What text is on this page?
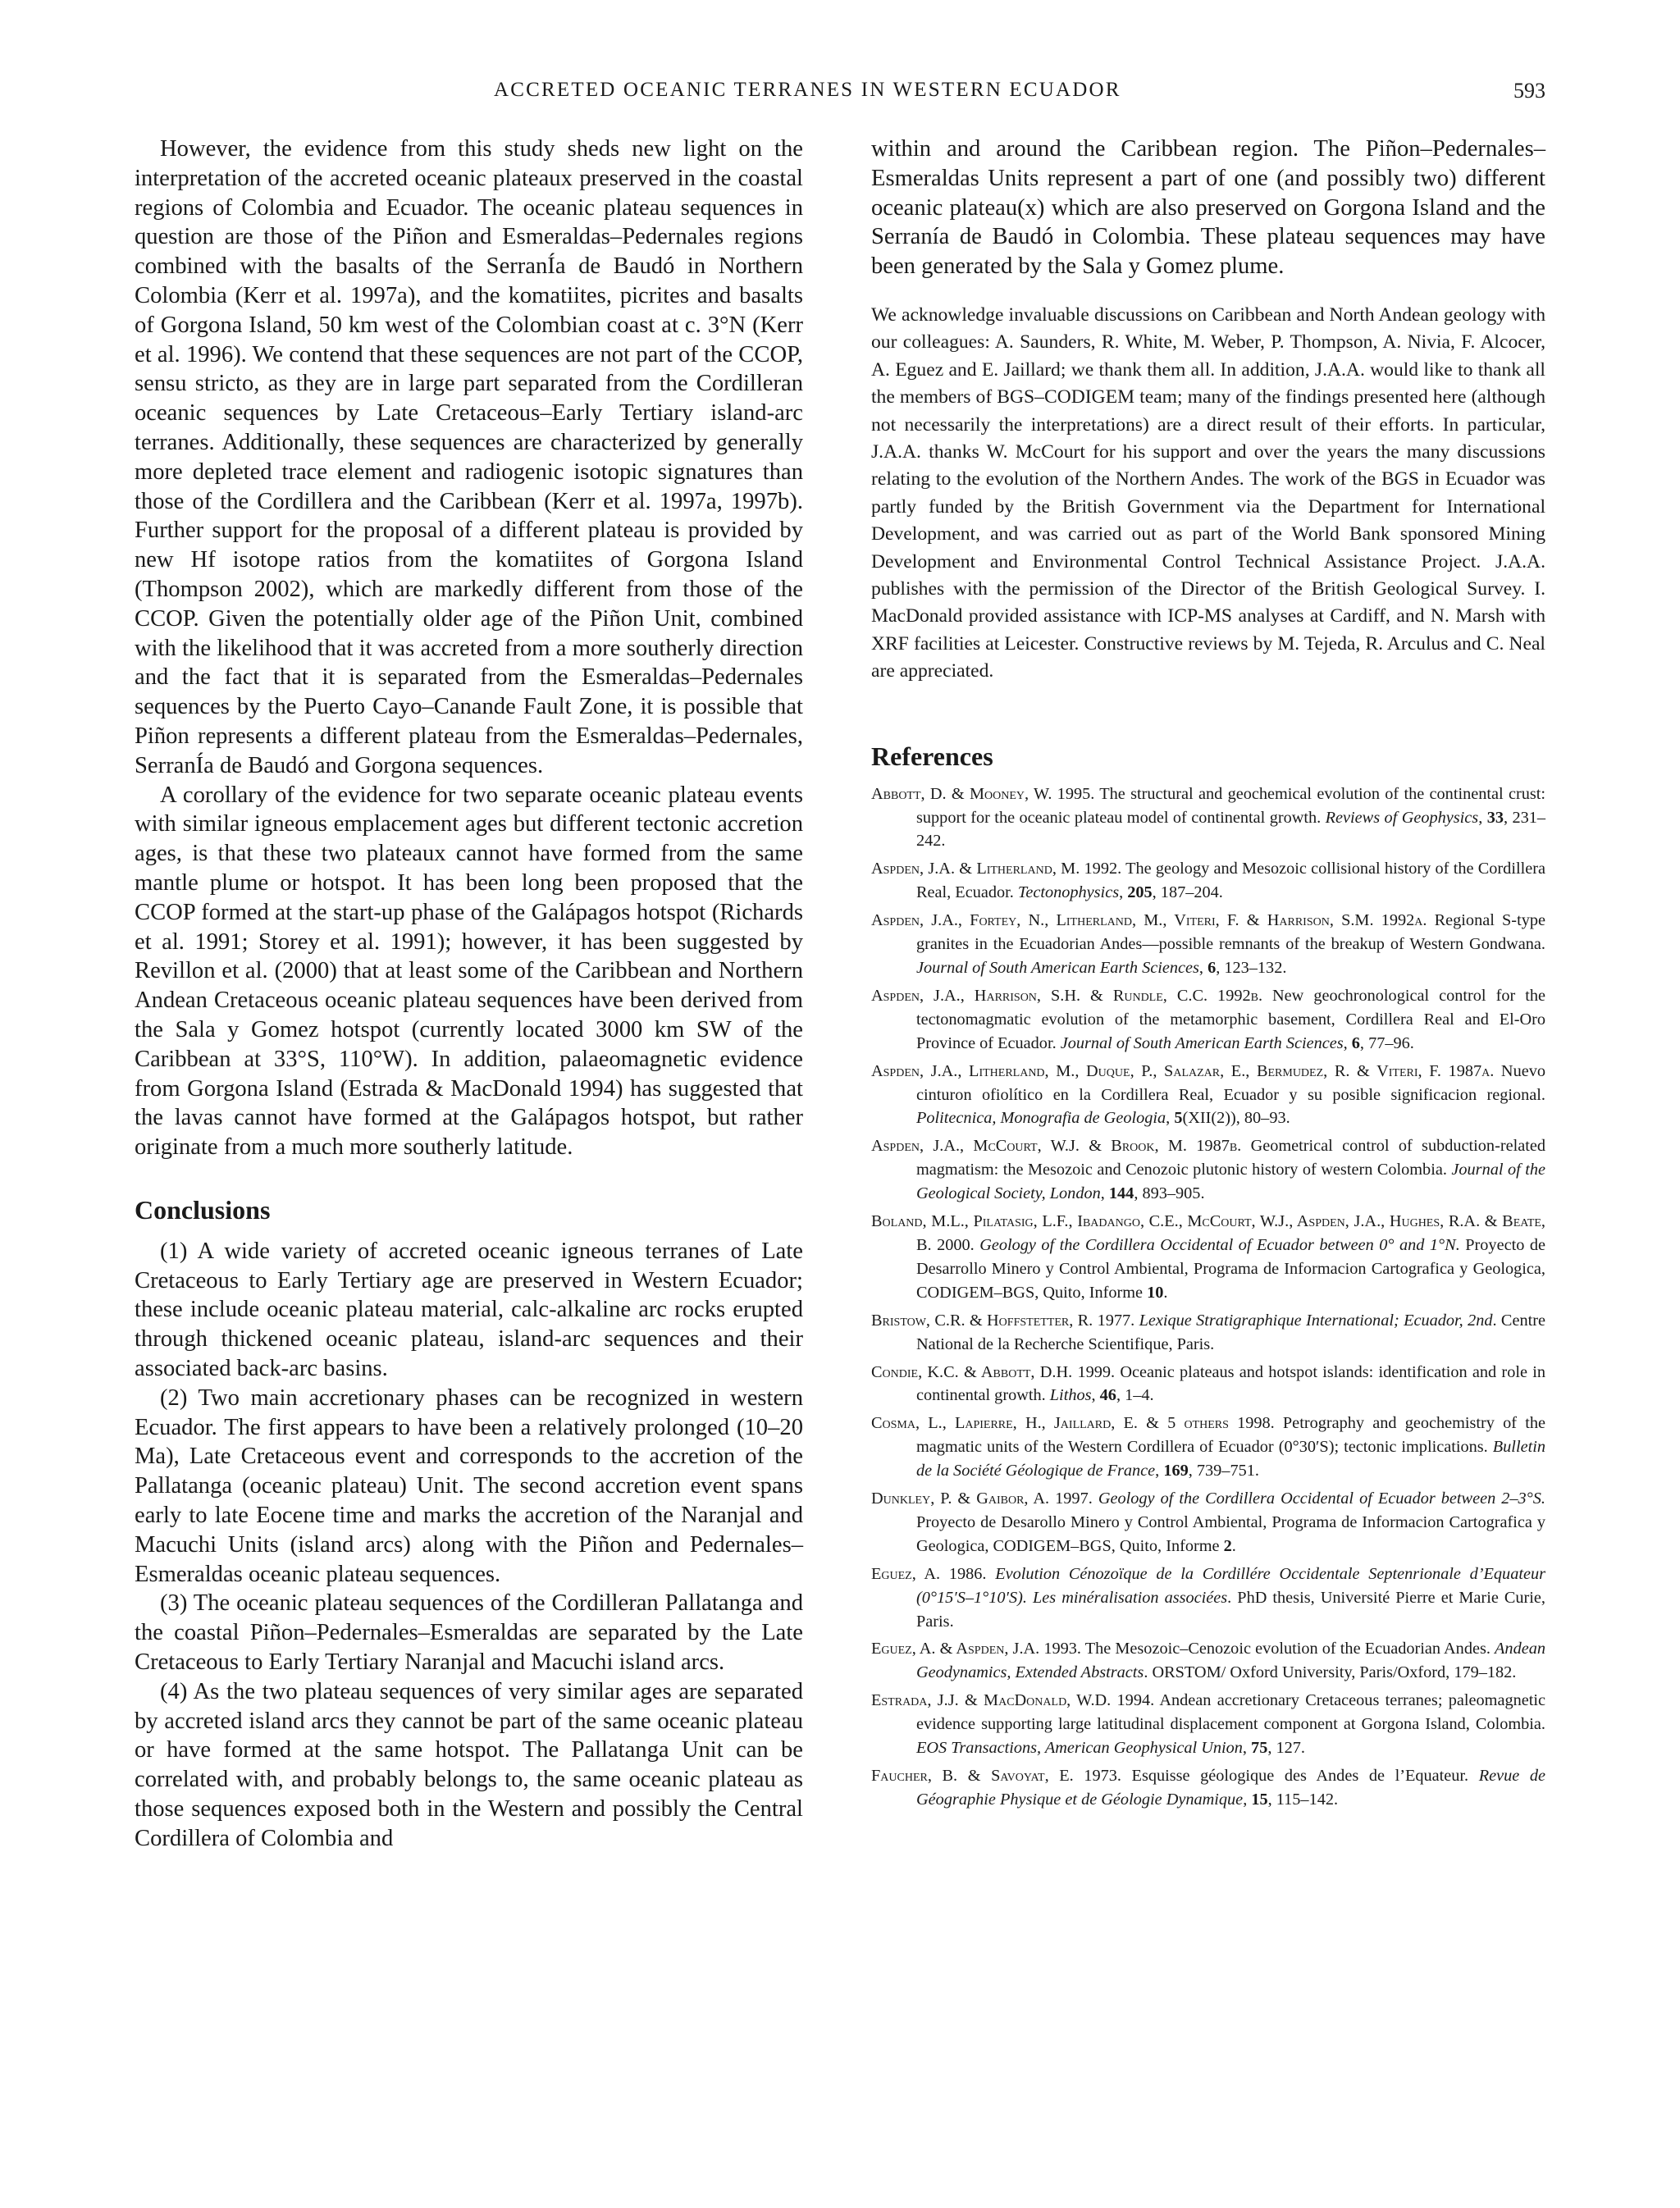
ACCRETED OCEANIC TERRANES IN WESTERN ECUADOR	593

However, the evidence from this study sheds new light on the interpretation of the accreted oceanic plateaux preserved in the coastal regions of Colombia and Ecuador. The oceanic plateau sequences in question are those of the Piñon and Esmeraldas–Pedernales regions combined with the basalts of the SerranÍa de Baudó in Northern Colombia (Kerr et al. 1997a), and the komatiites, picrites and basalts of Gorgona Island, 50 km west of the Colombian coast at c. 3°N (Kerr et al. 1996). We contend that these sequences are not part of the CCOP, sensu stricto, as they are in large part separated from the Cordilleran oceanic sequences by Late Cretaceous–Early Tertiary island-arc terranes. Additionally, these sequences are characterized by generally more depleted trace element and radiogenic isotopic signatures than those of the Cordillera and the Caribbean (Kerr et al. 1997a, 1997b). Further support for the proposal of a different plateau is provided by new Hf isotope ratios from the komatiites of Gorgona Island (Thompson 2002), which are markedly different from those of the CCOP. Given the potentially older age of the Piñon Unit, combined with the likelihood that it was accreted from a more southerly direction and the fact that it is separated from the Esmeraldas–Pedernales sequences by the Puerto Cayo–Canande Fault Zone, it is possible that Piñon represents a different plateau from the Esmeraldas–Pedernales, SerranÍa de Baudó and Gorgona sequences.

A corollary of the evidence for two separate oceanic plateau events with similar igneous emplacement ages but different tectonic accretion ages, is that these two plateaux cannot have formed from the same mantle plume or hotspot. It has been long been proposed that the CCOP formed at the start-up phase of the Galápagos hotspot (Richards et al. 1991; Storey et al. 1991); however, it has been suggested by Revillon et al. (2000) that at least some of the Caribbean and Northern Andean Cretaceous oceanic plateau sequences have been derived from the Sala y Gomez hotspot (currently located 3000 km SW of the Caribbean at 33°S, 110°W). In addition, palaeomagnetic evidence from Gorgona Island (Estrada & MacDonald 1994) has suggested that the lavas cannot have formed at the Galápagos hotspot, but rather originate from a much more southerly latitude.

Conclusions

(1) A wide variety of accreted oceanic igneous terranes of Late Cretaceous to Early Tertiary age are preserved in Western Ecuador; these include oceanic plateau material, calc-alkaline arc rocks erupted through thickened oceanic plateau, island-arc sequences and their associated back-arc basins.

(2) Two main accretionary phases can be recognized in western Ecuador. The first appears to have been a relatively prolonged (10–20 Ma), Late Cretaceous event and corresponds to the accretion of the Pallatanga (oceanic plateau) Unit. The second accretion event spans early to late Eocene time and marks the accretion of the Naranjal and Macuchi Units (island arcs) along with the Piñon and Pedernales–Esmeraldas oceanic plateau sequences.

(3) The oceanic plateau sequences of the Cordilleran Pallatanga and the coastal Piñon–Pedernales–Esmeraldas are separated by the Late Cretaceous to Early Tertiary Naranjal and Macuchi island arcs.

(4) As the two plateau sequences of very similar ages are separated by accreted island arcs they cannot be part of the same oceanic plateau or have formed at the same hotspot. The Pallatanga Unit can be correlated with, and probably belongs to, the same oceanic plateau as those sequences exposed both in the Western and possibly the Central Cordillera of Colombia and

within and around the Caribbean region. The Piñon–Pedernales–Esmeraldas Units represent a part of one (and possibly two) different oceanic plateau(x) which are also preserved on Gorgona Island and the Serranía de Baudó in Colombia. These plateau sequences may have been generated by the Sala y Gomez plume.

We acknowledge invaluable discussions on Caribbean and North Andean geology with our colleagues: A. Saunders, R. White, M. Weber, P. Thompson, A. Nivia, F. Alcocer, A. Eguez and E. Jaillard; we thank them all. In addition, J.A.A. would like to thank all the members of BGS–CODIGEM team; many of the findings presented here (although not necessarily the interpretations) are a direct result of their efforts. In particular, J.A.A. thanks W. McCourt for his support and over the years the many discussions relating to the evolution of the Northern Andes. The work of the BGS in Ecuador was partly funded by the British Government via the Department for International Development, and was carried out as part of the World Bank sponsored Mining Development and Environmental Control Technical Assistance Project. J.A.A. publishes with the permission of the Director of the British Geological Survey. I. MacDonald provided assistance with ICP-MS analyses at Cardiff, and N. Marsh with XRF facilities at Leicester. Constructive reviews by M. Tejeda, R. Arculus and C. Neal are appreciated.

References

Abbott, D. & Mooney, W. 1995. The structural and geochemical evolution of the continental crust: support for the oceanic plateau model of continental growth. Reviews of Geophysics, 33, 231–242.

Aspden, J.A. & Litherland, M. 1992. The geology and Mesozoic collisional history of the Cordillera Real, Ecuador. Tectonophysics, 205, 187–204.

Aspden, J.A., Fortey, N., Litherland, M., Viteri, F. & Harrison, S.M. 1992a. Regional S-type granites in the Ecuadorian Andes—possible remnants of the breakup of Western Gondwana. Journal of South American Earth Sciences, 6, 123–132.

Aspden, J.A., Harrison, S.H. & Rundle, C.C. 1992b. New geochronological control for the tectonomagmatic evolution of the metamorphic basement, Cordillera Real and El-Oro Province of Ecuador. Journal of South American Earth Sciences, 6, 77–96.

Aspden, J.A., Litherland, M., Duque, P., Salazar, E., Bermudez, R. & Viteri, F. 1987a. Nuevo cinturon ofiolítico en la Cordillera Real, Ecuador y su posible significacion regional. Politecnica, Monografia de Geologia, 5(XII(2)), 80–93.

Aspden, J.A., McCourt, W.J. & Brook, M. 1987b. Geometrical control of subduction-related magmatism: the Mesozoic and Cenozoic plutonic history of western Colombia. Journal of the Geological Society, London, 144, 893–905.

Boland, M.L., Pilatasig, L.F., Ibadango, C.E., McCourt, W.J., Aspden, J.A., Hughes, R.A. & Beate, B. 2000. Geology of the Cordillera Occidental of Ecuador between 0° and 1°N. Proyecto de Desarrollo Minero y Control Ambiental, Programa de Informacion Cartografica y Geologica, CODIGEM–BGS, Quito, Informe 10.

Bristow, C.R. & Hoffstetter, R. 1977. Lexique Stratigraphique International; Ecuador, 2nd. Centre National de la Recherche Scientifique, Paris.

Condie, K.C. & Abbott, D.H. 1999. Oceanic plateaus and hotspot islands: identification and role in continental growth. Lithos, 46, 1–4.

Cosma, L., Lapierre, H., Jaillard, E. & 5 others 1998. Petrography and geochemistry of the magmatic units of the Western Cordillera of Ecuador (0°30′S); tectonic implications. Bulletin de la Société Géologique de France, 169, 739–751.

Dunkley, P. & Gaibor, A. 1997. Geology of the Cordillera Occidental of Ecuador between 2–3°S. Proyecto de Desarollo Minero y Control Ambiental, Programa de Informacion Cartografica y Geologica, CODIGEM–BGS, Quito, Informe 2.

Eguez, A. 1986. Evolution Cénozoïque de la Cordillére Occidentale Septenrionale d’Equateur (0°15′S–1°10′S). Les minéralisation associées. PhD thesis, Université Pierre et Marie Curie, Paris.

Eguez, A. & Aspden, J.A. 1993. The Mesozoic–Cenozoic evolution of the Ecuadorian Andes. Andean Geodynamics, Extended Abstracts. ORSTOM/ Oxford University, Paris/Oxford, 179–182.

Estrada, J.J. & MacDonald, W.D. 1994. Andean accretionary Cretaceous terranes; paleomagnetic evidence supporting large latitudinal displacement component at Gorgona Island, Colombia. EOS Transactions, American Geophysical Union, 75, 127.

Faucher, B. & Savoyat, E. 1973. Esquisse géologique des Andes de l’Equateur. Revue de Géographie Physique et de Géologie Dynamique, 15, 115–142.
